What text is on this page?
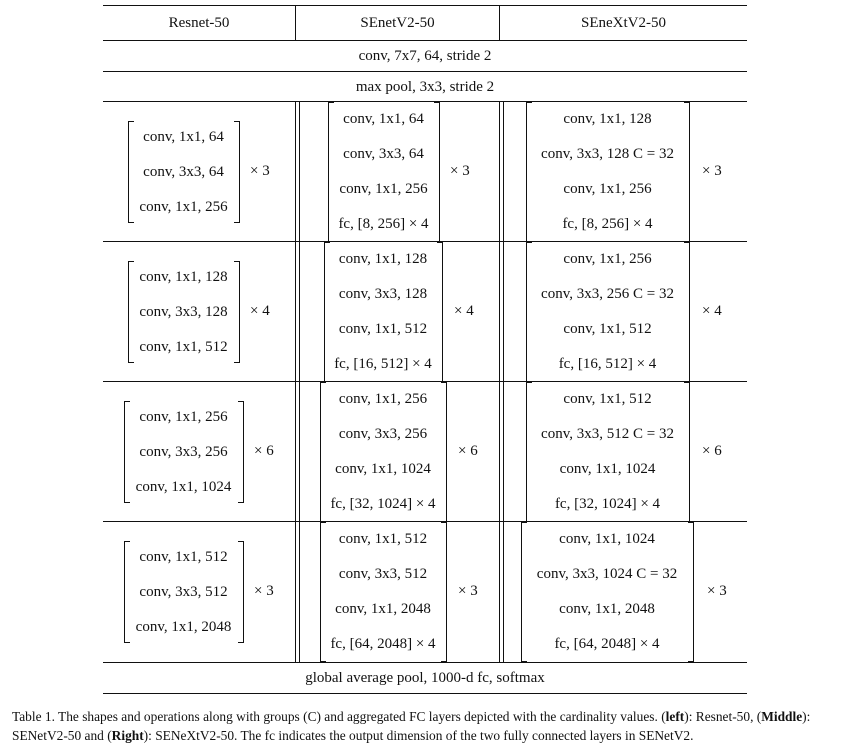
Resnet-50	SEnetV2-50	SEneXtV2-50
conv, 7x7, 64, stride 2
max pool, 3x3, stride 2
global average pool, 1000-d fc, softmax
conv, 1x1, 64
conv, 3x3, 64
conv, 1x1, 256
× 3
conv, 1x1, 64
conv, 3x3, 64
conv, 1x1, 256
fc, [8, 256] × 4
× 3
conv, 1x1, 128
conv, 3x3, 128 C = 32
conv, 1x1, 256
fc, [8, 256] × 4
× 3
conv, 1x1, 128
conv, 3x3, 128
conv, 1x1, 512
× 4
conv, 1x1, 128
conv, 3x3, 128
conv, 1x1, 512
fc, [16, 512] × 4
× 4
conv, 1x1, 256
conv, 3x3, 256 C = 32
conv, 1x1, 512
fc, [16, 512] × 4
× 4
conv, 1x1, 256
conv, 3x3, 256
conv, 1x1, 1024
× 6
conv, 1x1, 256
conv, 3x3, 256
conv, 1x1, 1024
fc, [32, 1024] × 4
× 6
conv, 1x1, 512
conv, 3x3, 512 C = 32
conv, 1x1, 1024
fc, [32, 1024] × 4
× 6
conv, 1x1, 512
conv, 3x3, 512
conv, 1x1, 2048
× 3
conv, 1x1, 512
conv, 3x3, 512
conv, 1x1, 2048
fc, [64, 2048] × 4
× 3
conv, 1x1, 1024
conv, 3x3, 1024 C = 32
conv, 1x1, 2048
fc, [64, 2048] × 4
× 3
Table 1. The shapes and operations along with groups (C) and aggregated FC layers depicted with the cardinality values. (left): Resnet-50, (Middle): SENetV2-50 and (Right): SENeXtV2-50. The fc indicates the output dimension of the two fully connected layers in SENetV2.
